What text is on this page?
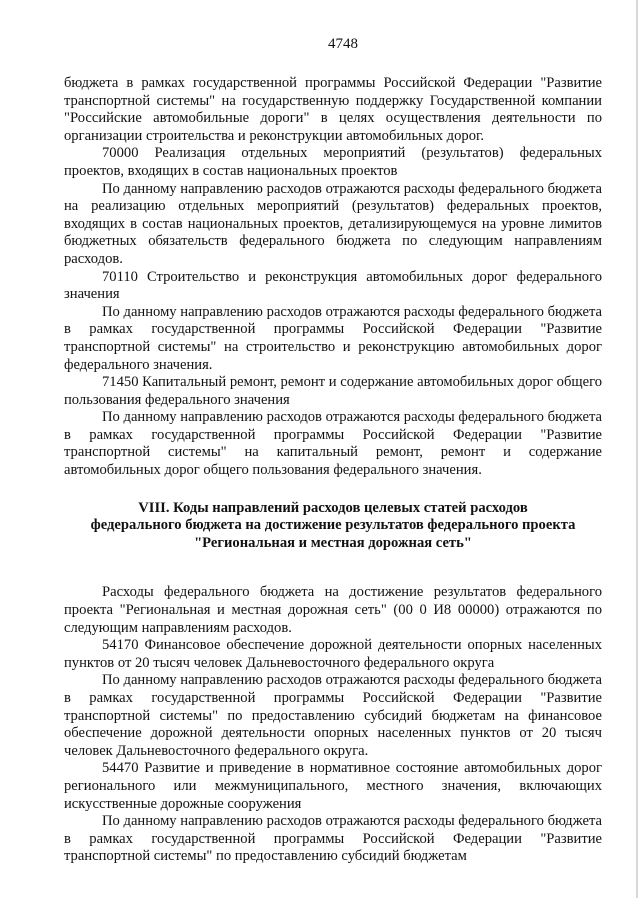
4748

бюджета в рамках государственной программы Российской Федерации "Развитие транспортной системы" на государственную поддержку Государственной компании "Российские автомобильные дороги" в целях осуществления деятельности по организации строительства и реконструкции автомобильных дорог.

70000 Реализация отдельных мероприятий (результатов) федеральных проектов, входящих в состав национальных проектов

По данному направлению расходов отражаются расходы федерального бюджета на реализацию отдельных мероприятий (результатов) федеральных проектов, входящих в состав национальных проектов, детализирующемуся на уровне лимитов бюджетных обязательств федерального бюджета по следующим направлениям расходов.

70110 Строительство и реконструкция автомобильных дорог федерального значения

По данному направлению расходов отражаются расходы федерального бюджета в рамках государственной программы Российской Федерации "Развитие транспортной системы" на строительство и реконструкцию автомобильных дорог федерального значения.

71450 Капитальный ремонт, ремонт и содержание автомобильных дорог общего пользования федерального значения

По данному направлению расходов отражаются расходы федерального бюджета в рамках государственной программы Российской Федерации "Развитие транспортной системы" на капитальный ремонт, ремонт и содержание автомобильных дорог общего пользования федерального значения.

VIII. Коды направлений расходов целевых статей расходов
федерального бюджета на достижение результатов федерального проекта
"Региональная и местная дорожная сеть"

Расходы федерального бюджета на достижение результатов федерального проекта "Региональная и местная дорожная сеть" (00 0 И8 00000) отражаются по следующим направлениям расходов.

54170 Финансовое обеспечение дорожной деятельности опорных населенных пунктов от 20 тысяч человек Дальневосточного федерального округа

По данному направлению расходов отражаются расходы федерального бюджета в рамках государственной программы Российской Федерации "Развитие транспортной системы" по предоставлению субсидий бюджетам на финансовое обеспечение дорожной деятельности опорных населенных пунктов от 20 тысяч человек Дальневосточного федерального округа.

54470 Развитие и приведение в нормативное состояние автомобильных дорог регионального или межмуниципального, местного значения, включающих искусственные дорожные сооружения

По данному направлению расходов отражаются расходы федерального бюджета в рамках государственной программы Российской Федерации "Развитие транспортной системы" по предоставлению субсидий бюджетам
